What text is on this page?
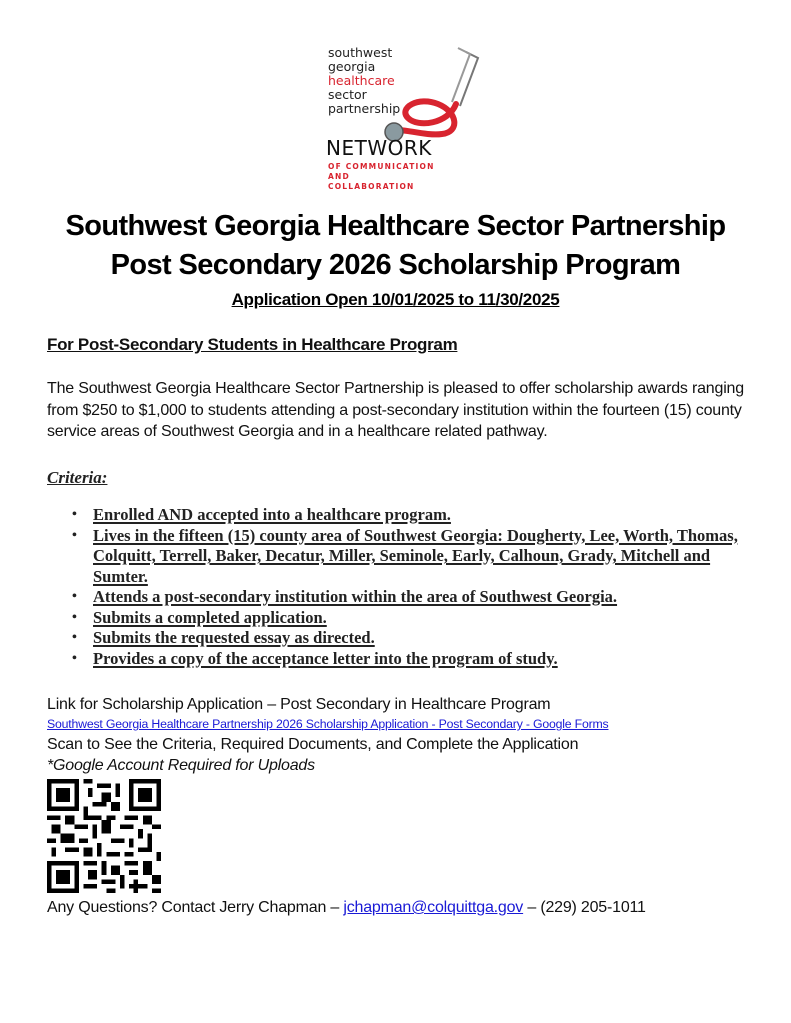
southwest
georgia
healthcare
sector
partnership
NETWORK
OF COMMUNICATION
AND
COLLABORATION
Southwest Georgia Healthcare Sector Partnership
Post Secondary 2026 Scholarship Program
Application Open 10/01/2025 to 11/30/2025
For Post-Secondary Students in Healthcare Program
The Southwest Georgia Healthcare Sector Partnership is pleased to offer scholarship awards ranging from $250 to $1,000 to students attending a post-secondary institution within the fourteen (15) county service areas of Southwest Georgia and in a healthcare related pathway.
Criteria:
• Enrolled AND accepted into a healthcare program.
• Lives in the fifteen (15) county area of Southwest Georgia: Dougherty, Lee, Worth, Thomas, Colquitt, Terrell, Baker, Decatur, Miller, Seminole, Early, Calhoun, Grady, Mitchell and Sumter.
• Attends a post-secondary institution within the area of Southwest Georgia.
• Submits a completed application.
• Submits the requested essay as directed.
• Provides a copy of the acceptance letter into the program of study.
Link for Scholarship Application – Post Secondary in Healthcare Program
Southwest Georgia Healthcare Partnership 2026 Scholarship Application - Post Secondary - Google Forms
Scan to See the Criteria, Required Documents, and Complete the Application
*Google Account Required for Uploads
Any Questions? Contact Jerry Chapman – jchapman@colquittga.gov – (229) 205-1011
